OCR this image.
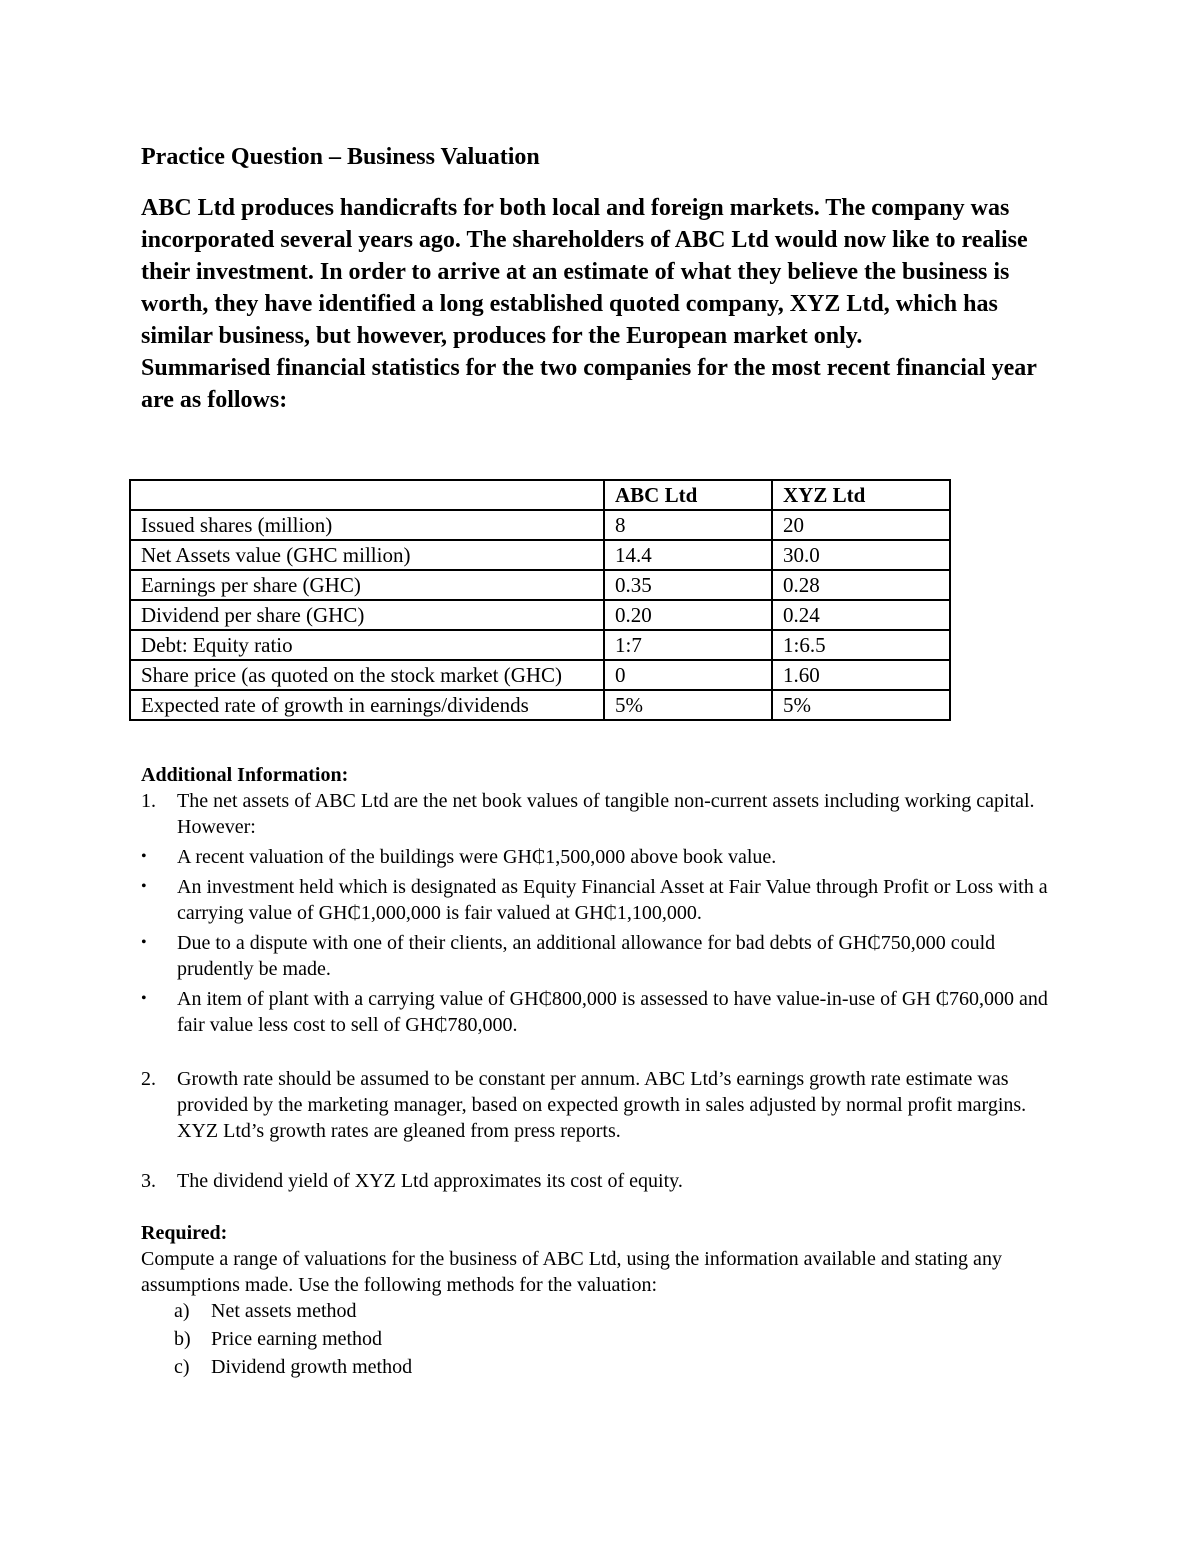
Practice Question – Business Valuation

ABC Ltd produces handicrafts for both local and foreign markets. The company was incorporated several years ago. The shareholders of ABC Ltd would now like to realise their investment. In order to arrive at an estimate of what they believe the business is worth, they have identified a long established quoted company, XYZ Ltd, which has similar business, but however, produces for the European market only.

Summarised financial statistics for the two companies for the most recent financial year are as follows:

	ABC Ltd	XYZ Ltd
Issued shares (million)	8	20
Net Assets value (GHC million)	14.4	30.0
Earnings per share (GHC)	0.35	0.28
Dividend per share (GHC)	0.20	0.24
Debt: Equity ratio	1:7	1:6.5
Share price (as quoted on the stock market (GHC)	0	1.60
Expected rate of growth in earnings/dividends	5%	5%

Additional Information:

1. The net assets of ABC Ltd are the net book values of tangible non-current assets including working capital. However:

• A recent valuation of the buildings were GH₵1,500,000 above book value.

• An investment held which is designated as Equity Financial Asset at Fair Value through Profit or Loss with a carrying value of GH₵1,000,000 is fair valued at GH₵1,100,000.

• Due to a dispute with one of their clients, an additional allowance for bad debts of GH₵750,000 could prudently be made.

• An item of plant with a carrying value of GH₵800,000 is assessed to have value-in-use of GH ₵760,000 and fair value less cost to sell of GH₵780,000.

2. Growth rate should be assumed to be constant per annum. ABC Ltd’s earnings growth rate estimate was provided by the marketing manager, based on expected growth in sales adjusted by normal profit margins. XYZ Ltd’s growth rates are gleaned from press reports.

3. The dividend yield of XYZ Ltd approximates its cost of equity.

Required:

Compute a range of valuations for the business of ABC Ltd, using the information available and stating any assumptions made. Use the following methods for the valuation:

a) Net assets method

b) Price earning method

c) Dividend growth method
